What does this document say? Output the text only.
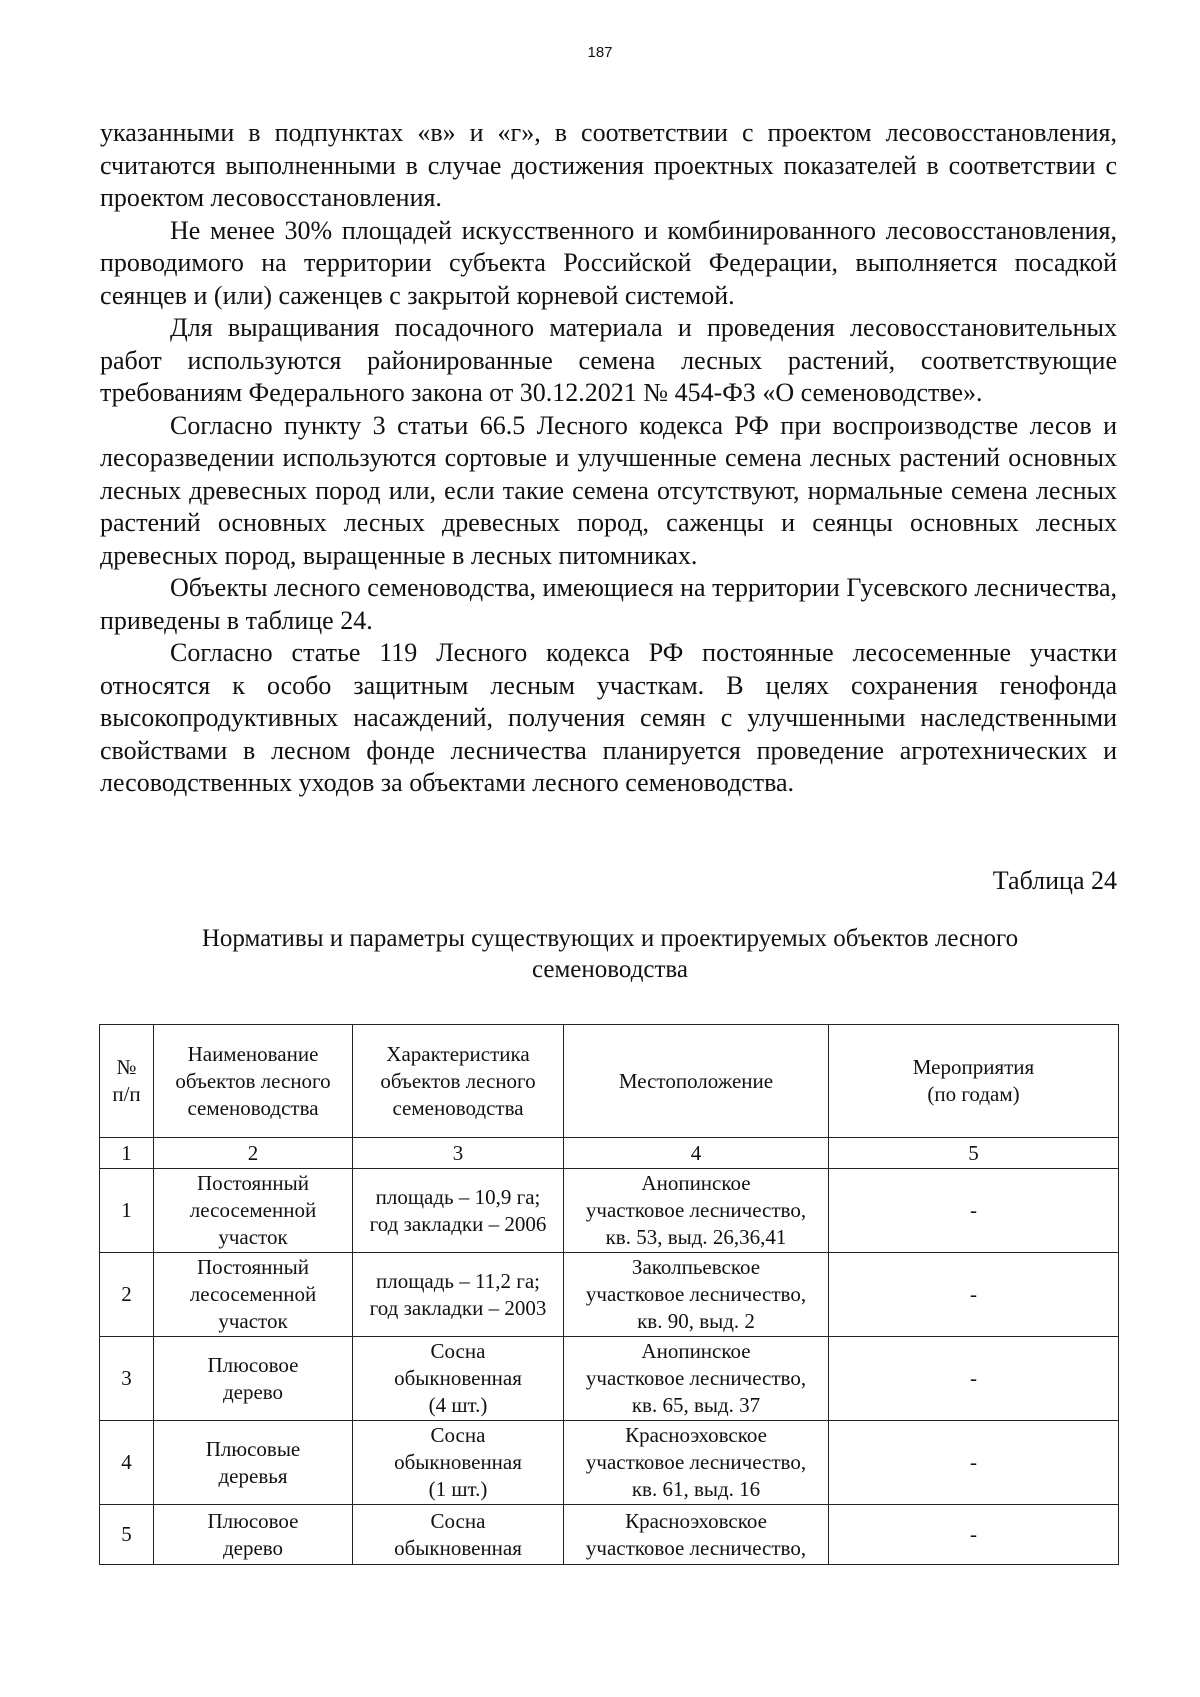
187

указанными в подпунктах «в» и «г», в соответствии с проектом лесовосстановления, считаются выполненными в случае достижения проектных показателей в соответствии с проектом лесовосстановления.

Не менее 30% площадей искусственного и комбинированного лесовосстановления, проводимого на территории субъекта Российской Федерации, выполняется посадкой сеянцев и (или) саженцев с закрытой корневой системой.

Для выращивания посадочного материала и проведения лесовосстановительных работ используются районированные семена лесных растений, соответствующие требованиям Федерального закона от 30.12.2021 № 454-ФЗ «О семеноводстве».

Согласно пункту 3 статьи 66.5 Лесного кодекса РФ при воспроизводстве лесов и лесоразведении используются сортовые и улучшенные семена лесных растений основных лесных древесных пород или, если такие семена отсутствуют, нормальные семена лесных растений основных лесных древесных пород, саженцы и сеянцы основных лесных древесных пород, выращенные в лесных питомниках.

Объекты лесного семеноводства, имеющиеся на территории Гусевского лесничества, приведены в таблице 24.

Согласно статье 119 Лесного кодекса РФ постоянные лесосеменные участки относятся к особо защитным лесным участкам. В целях сохранения генофонда высокопродуктивных насаждений, получения семян с улучшенными наследственными свойствами в лесном фонде лесничества планируется проведение агротехнических и лесоводственных уходов за объектами лесного семеноводства.

Таблица 24
Нормативы и параметры существующих и проектируемых объектов лесного семеноводства
№
п/п	Наименование
объектов лесного
семеноводства	Характеристика
объектов лесного
семеноводства	Местоположение	Мероприятия
(по годам)
1	2	3	4	5
1	Постоянный
лесосеменной
участок	площадь – 10,9 га;
год закладки – 2006	Анопинское
участковое лесничество,
кв. 53, выд. 26,36,41	-
2	Постоянный
лесосеменной
участок	площадь – 11,2 га;
год закладки – 2003	Заколпьевское
участковое лесничество,
кв. 90, выд. 2	-
3	Плюсовое
дерево	Сосна
обыкновенная
(4 шт.)	Анопинское
участковое лесничество,
кв. 65, выд. 37	-
4	Плюсовые
деревья	Сосна
обыкновенная
(1 шт.)	Красноэховское
участковое лесничество,
кв. 61, выд. 16	-
5	Плюсовое
дерево	Сосна
обыкновенная	Красноэховское
участковое лесничество,	-
